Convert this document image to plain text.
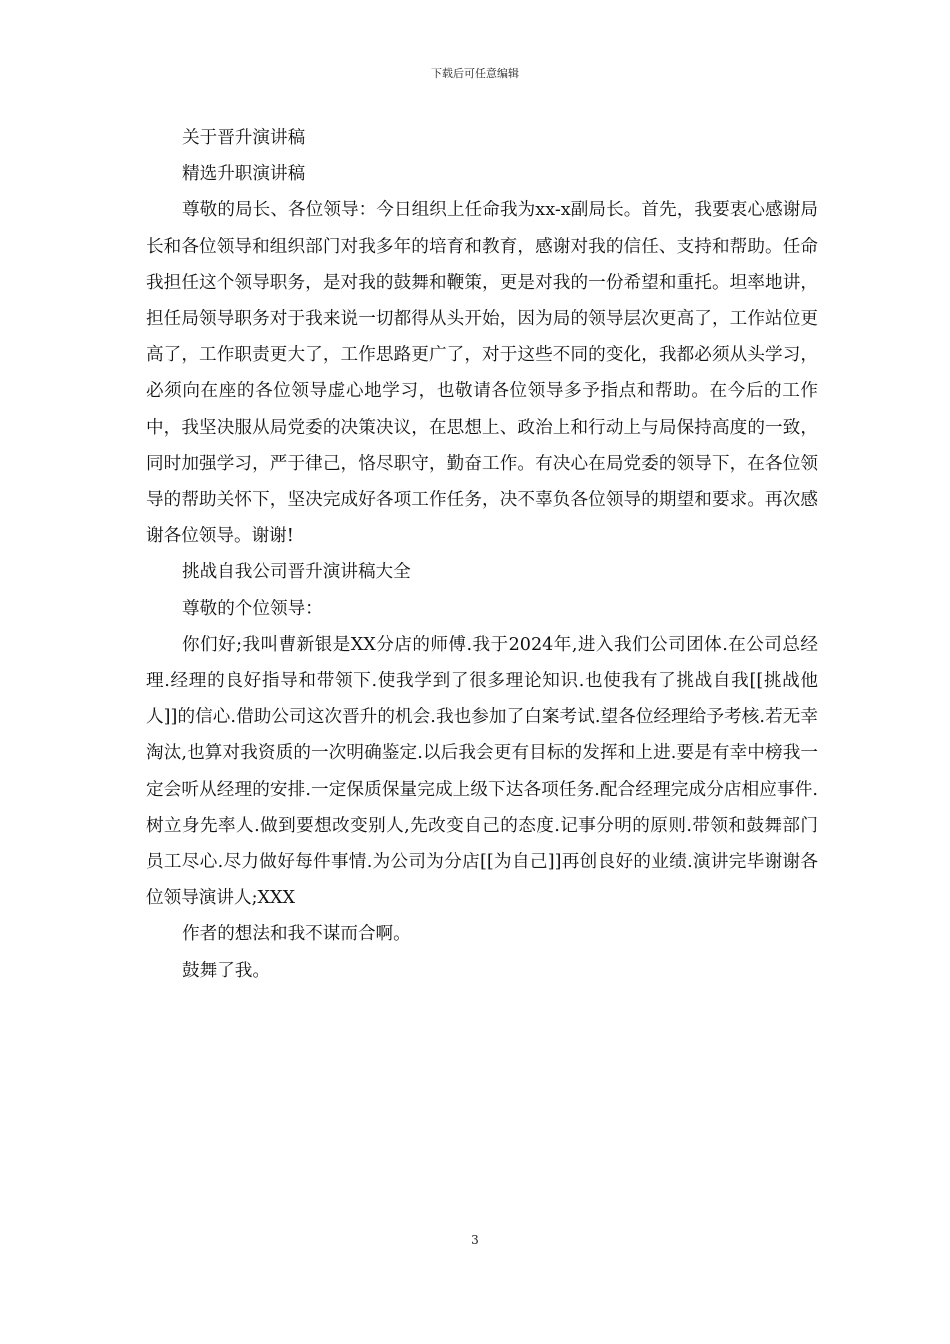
下载后可任意编辑

关于晋升演讲稿

精选升职演讲稿

尊敬的局长、各位领导：今日组织上任命我为xx-x副局长。首先，我要衷心感谢局长和各位领导和组织部门对我多年的培育和教育，感谢对我的信任、支持和帮助。任命我担任这个领导职务，是对我的鼓舞和鞭策，更是对我的一份希望和重托。坦率地讲，担任局领导职务对于我来说一切都得从头开始，因为局的领导层次更高了，工作站位更高了，工作职责更大了，工作思路更广了，对于这些不同的变化，我都必须从头学习，必须向在座的各位领导虚心地学习，也敬请各位领导多予指点和帮助。在今后的工作中，我坚决服从局党委的决策决议，在思想上、政治上和行动上与局保持高度的一致，同时加强学习，严于律己，恪尽职守，勤奋工作。有决心在局党委的领导下，在各位领导的帮助关怀下，坚决完成好各项工作任务，决不辜负各位领导的期望和要求。再次感谢各位领导。谢谢!

挑战自我公司晋升演讲稿大全

尊敬的个位领导：

你们好;我叫曹新银是XX分店的师傅.我于2024年,进入我们公司团体.在公司总经理.经理的良好指导和带领下.使我学到了很多理论知识.也使我有了挑战自我[[挑战他人]]的信心.借助公司这次晋升的机会.我也参加了白案考试.望各位经理给予考核.若无幸淘汰,也算对我资质的一次明确鉴定.以后我会更有目标的发挥和上进.要是有幸中榜我一定会听从经理的安排.一定保质保量完成上级下达各项任务.配合经理完成分店相应事件.树立身先率人.做到要想改变别人,先改变自己的态度.记事分明的原则.带领和鼓舞部门员工尽心.尽力做好每件事情.为公司为分店[[为自己]]再创良好的业绩.演讲完毕谢谢各位领导演讲人;XXX

作者的想法和我不谋而合啊。

鼓舞了我。

3
